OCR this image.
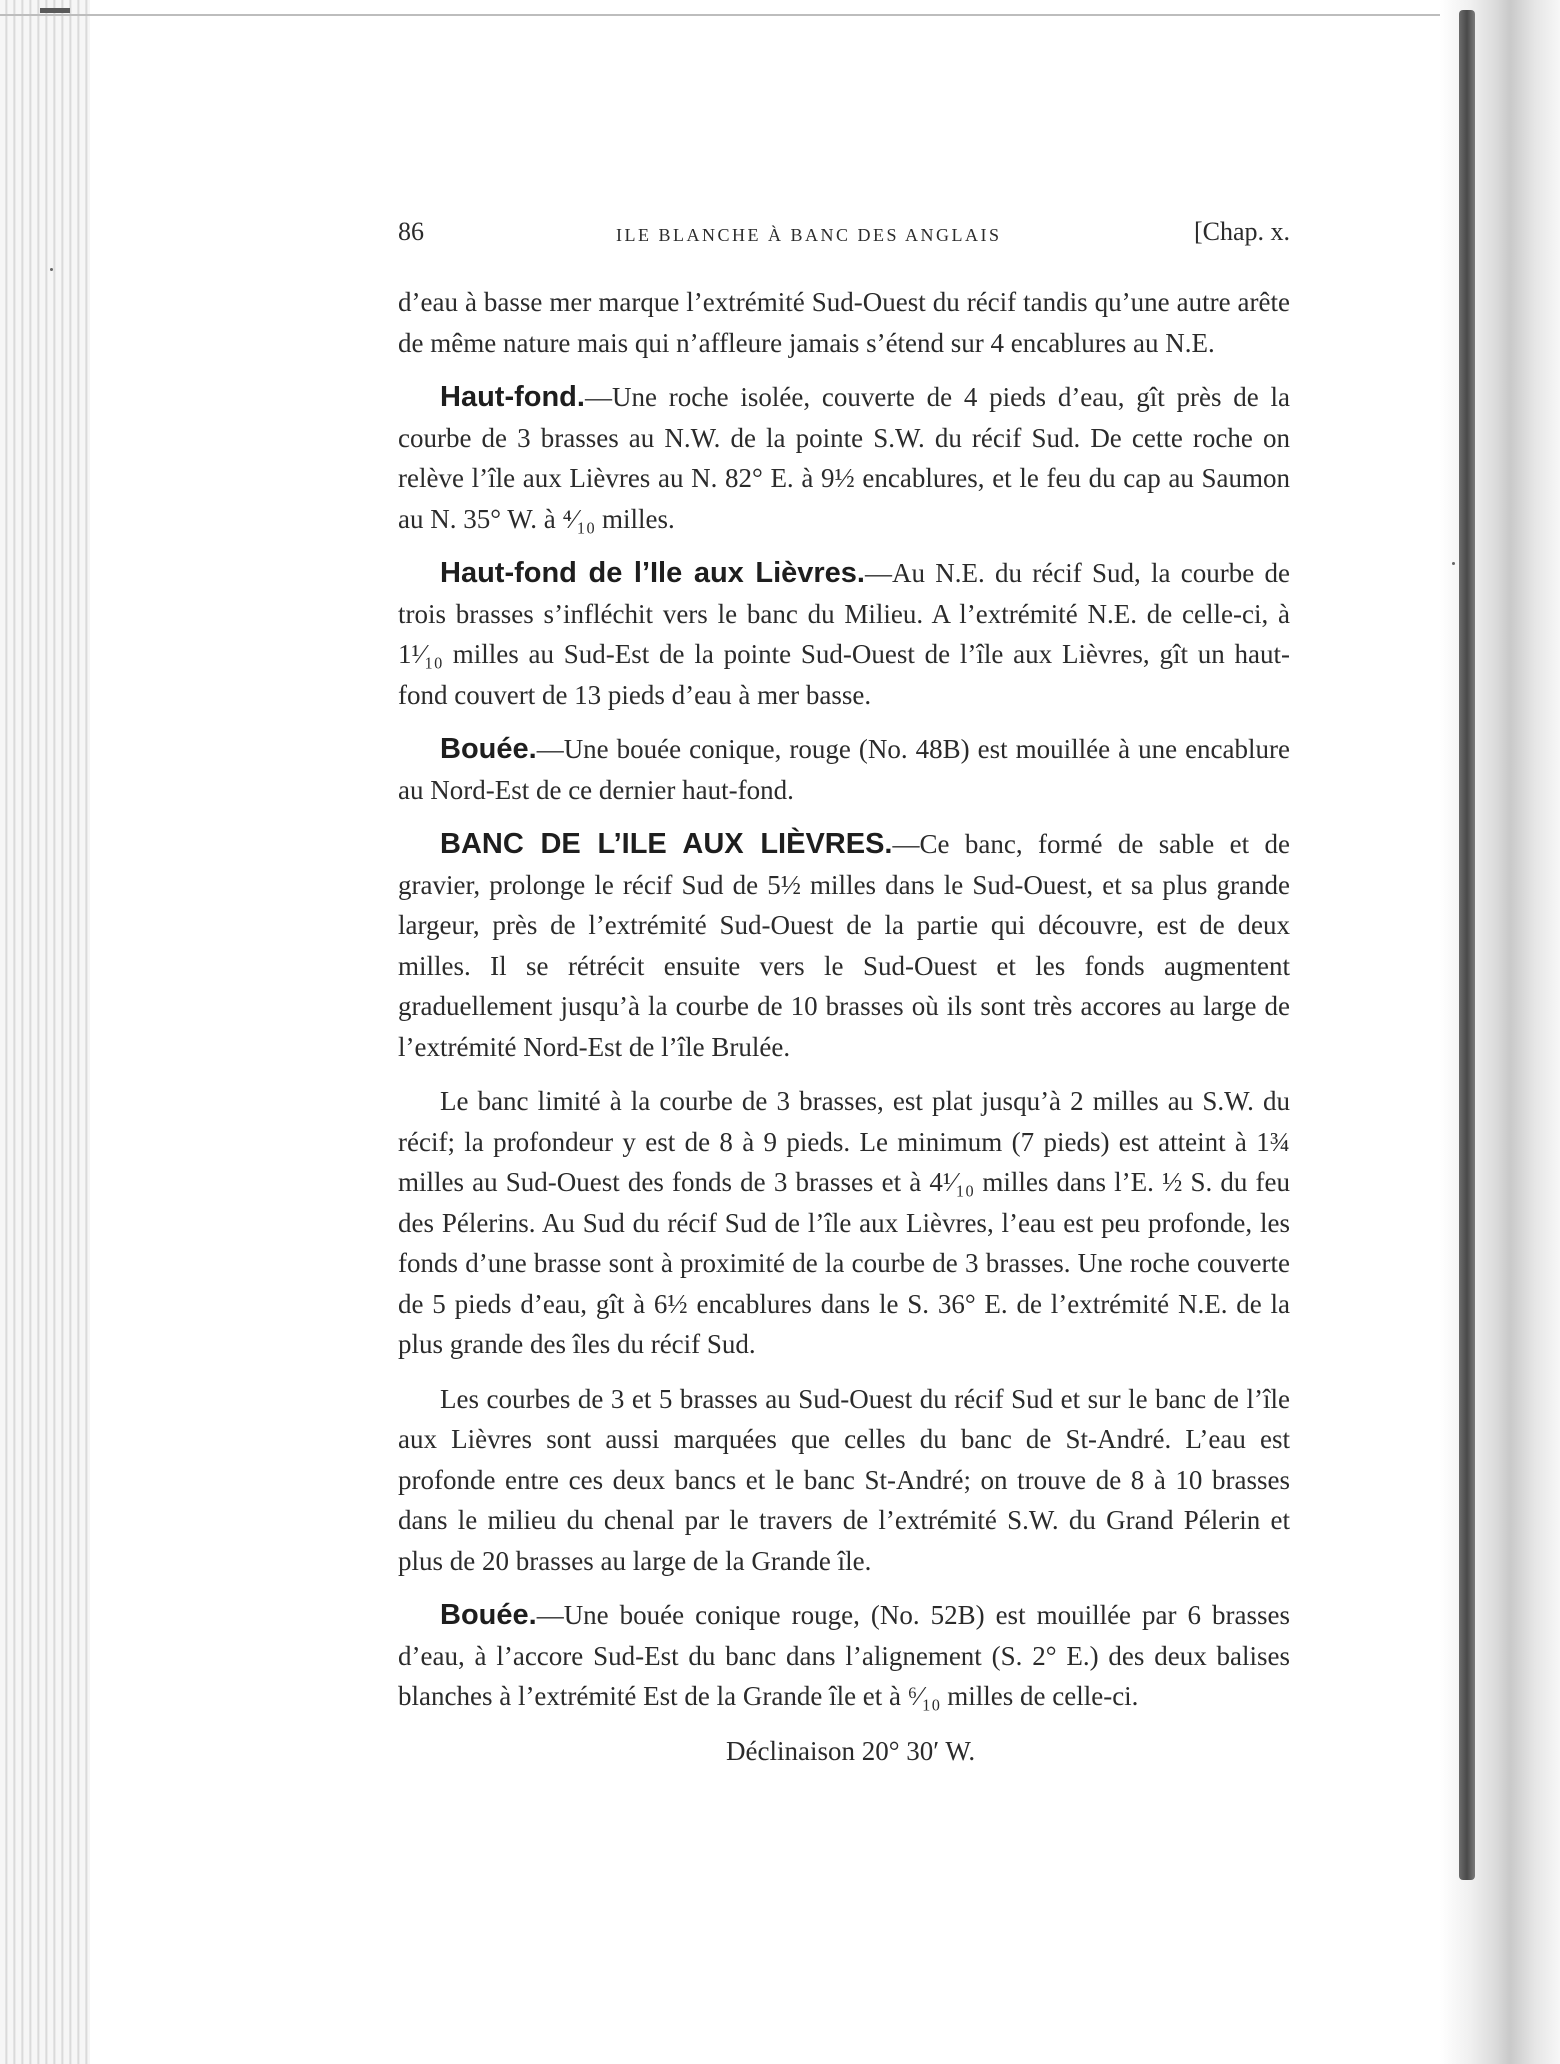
86	ILE BLANCHE À BANC DES ANGLAIS	[Chap. x.

d’eau à basse mer marque l’extrémité Sud-Ouest du récif tandis qu’une autre arête de même nature mais qui n’affleure jamais s’étend sur 4 encablures au N.E.

Haut-fond.—Une roche isolée, couverte de 4 pieds d’eau, gît près de la courbe de 3 brasses au N.W. de la pointe S.W. du récif Sud. De cette roche on relève l’île aux Lièvres au N. 82° E. à 9½ encablures, et le feu du cap au Saumon au N. 35° W. à ⁴⁄₁₀ milles.

Haut-fond de l’Ile aux Lièvres.—Au N.E. du récif Sud, la courbe de trois brasses s’infléchit vers le banc du Milieu. A l’extrémité N.E. de celle-ci, à 1¹⁄₁₀ milles au Sud-Est de la pointe Sud-Ouest de l’île aux Lièvres, gît un haut-fond couvert de 13 pieds d’eau à mer basse.

Bouée.—Une bouée conique, rouge (No. 48B) est mouillée à une encablure au Nord-Est de ce dernier haut-fond.

BANC DE L’ILE AUX LIÈVRES.—Ce banc, formé de sable et de gravier, prolonge le récif Sud de 5½ milles dans le Sud-Ouest, et sa plus grande largeur, près de l’extrémité Sud-Ouest de la partie qui découvre, est de deux milles. Il se rétrécit ensuite vers le Sud-Ouest et les fonds augmentent graduellement jusqu’à la courbe de 10 brasses où ils sont très accores au large de l’extrémité Nord-Est de l’île Brulée.

Le banc limité à la courbe de 3 brasses, est plat jusqu’à 2 milles au S.W. du récif; la profondeur y est de 8 à 9 pieds. Le minimum (7 pieds) est atteint à 1¾ milles au Sud-Ouest des fonds de 3 brasses et à 4¹⁄₁₀ milles dans l’E. ½ S. du feu des Pélerins. Au Sud du récif Sud de l’île aux Lièvres, l’eau est peu profonde, les fonds d’une brasse sont à proximité de la courbe de 3 brasses. Une roche couverte de 5 pieds d’eau, gît à 6½ encablures dans le S. 36° E. de l’extrémité N.E. de la plus grande des îles du récif Sud.

Les courbes de 3 et 5 brasses au Sud-Ouest du récif Sud et sur le banc de l’île aux Lièvres sont aussi marquées que celles du banc de St-André. L’eau est profonde entre ces deux bancs et le banc St-André; on trouve de 8 à 10 brasses dans le milieu du chenal par le travers de l’extrémité S.W. du Grand Pélerin et plus de 20 brasses au large de la Grande île.

Bouée.—Une bouée conique rouge, (No. 52B) est mouillée par 6 brasses d’eau, à l’accore Sud-Est du banc dans l’alignement (S. 2° E.) des deux balises blanches à l’extrémité Est de la Grande île et à ⁶⁄₁₀ milles de celle-ci.

Déclinaison 20° 30′ W.
